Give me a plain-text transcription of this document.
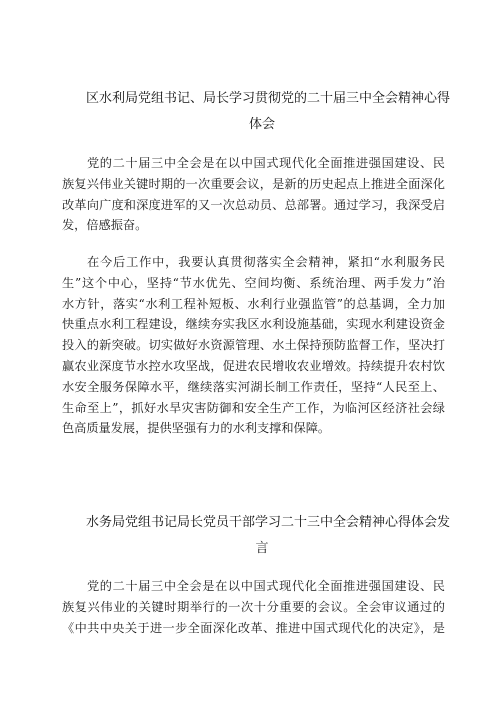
区水利局党组书记、局长学习贯彻党的二十届三中全会精神心得
体会

党的二十届三中全会是在以中国式现代化全面推进强国建设、民
族复兴伟业关键时期的一次重要会议，是新的历史起点上推进全面深化
改革向广度和深度进军的又一次总动员、总部署。通过学习，我深受启
发，倍感振奋。

在今后工作中，我要认真贯彻落实全会精神，紧扣“水利服务民
生”这个中心，坚持“节水优先、空间均衡、系统治理、两手发力”治
水方针，落实“水利工程补短板、水利行业强监管”的总基调，全力加
快重点水利工程建设，继续夯实我区水利设施基础，实现水利建设资金
投入的新突破。切实做好水资源管理、水土保持预防监督工作，坚决打
赢农业深度节水控水攻坚战，促进农民增收农业增效。持续提升农村饮
水安全服务保障水平，继续落实河湖长制工作责任，坚持“人民至上、
生命至上”，抓好水旱灾害防御和安全生产工作，为临河区经济社会绿
色高质量发展，提供坚强有力的水利支撑和保障。

水务局党组书记局长党员干部学习二十三中全会精神心得体会发
言

党的二十届三中全会是在以中国式现代化全面推进强国建设、民
族复兴伟业的关键时期举行的一次十分重要的会议。全会审议通过的
《中共中央关于进一步全面深化改革、推进中国式现代化的决定》，是
